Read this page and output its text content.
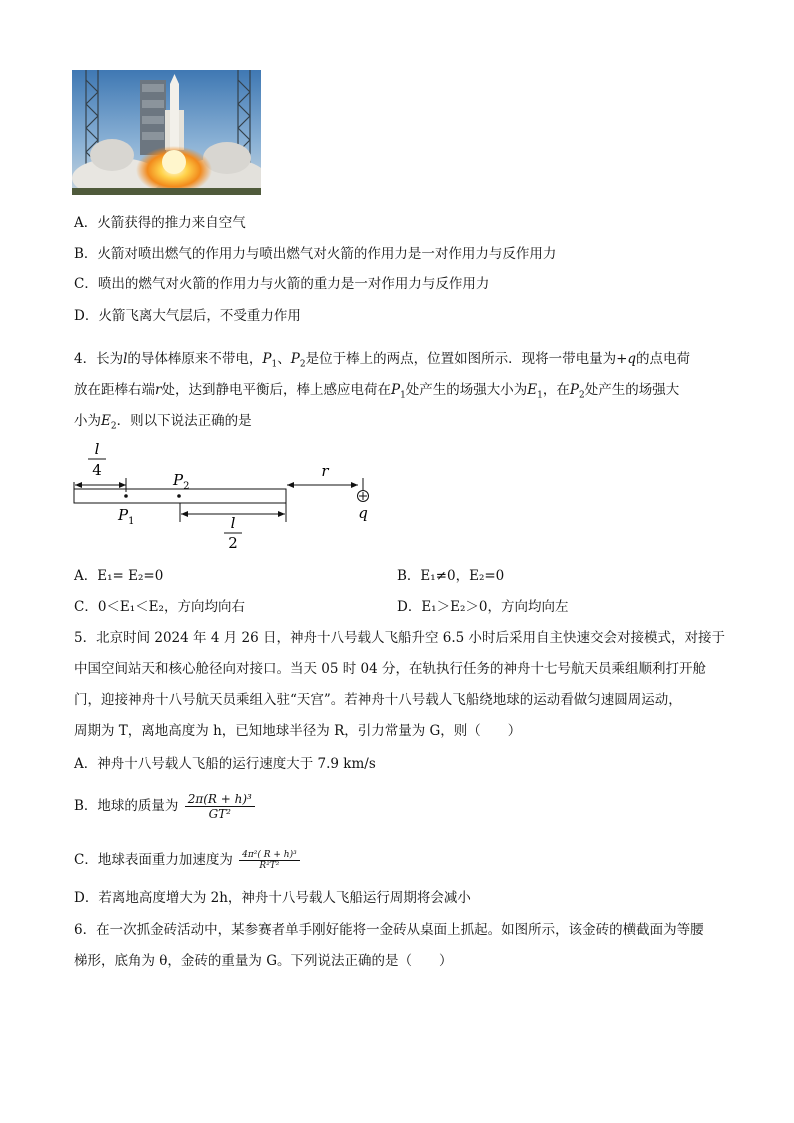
A．火箭获得的推力来自空气
B．火箭对喷出燃气的作用力与喷出燃气对火箭的作用力是一对作用力与反作用力
C．喷出的燃气对火箭的作用力与火箭的重力是一对作用力与反作用力
D．火箭飞离大气层后，不受重力作用
4．长为l的导体棒原来不带电，$P_1$、$P_2$是位于棒上的两点，位置如图所示．现将一带电量为+q的点电荷
放在距棒右端r处，达到静电平衡后，棒上感应电荷在$P_1$处产生的场强大小为$E_1$，在$P_2$处产生的场强大
小为$E_2$．则以下说法正确的是
l
4
$P_1$
$P_2$
l
2
r
q
A．E₁= E₂=0	B．E₁≠0，E₂=0
C．0＜E₁＜E₂，方向均向右	D．E₁＞E₂＞0，方向均向左
5．北京时间 2024 年 4 月 26 日，神舟十八号载人飞船升空 6.5 小时后采用自主快速交会对接模式，对接于
中国空间站天和核心舱径向对接口。当天 05 时 04 分，在轨执行任务的神舟十七号航天员乘组顺利打开舱
门，迎接神舟十八号航天员乘组入驻“天宫”。若神舟十八号载人飞船绕地球的运动看做匀速圆周运动，
周期为 T，离地高度为 h，已知地球半径为 R，引力常量为 G，则（　　）
A．神舟十八号载人飞船的运行速度大于 7.9 km/s
B．地球的质量为 $\frac{\text{2π(R + h)³}}{\text{GT²}}$
C．地球表面重力加速度为 $\frac{\text{4π²( R + h)³}}{\text{R²T²}}$
D．若离地高度增大为 2h，神舟十八号载人飞船运行周期将会减小
6．在一次抓金砖活动中，某参赛者单手刚好能将一金砖从桌面上抓起。如图所示，该金砖的横截面为等腰
梯形，底角为 θ，金砖的重量为 G。下列说法正确的是（　　）
